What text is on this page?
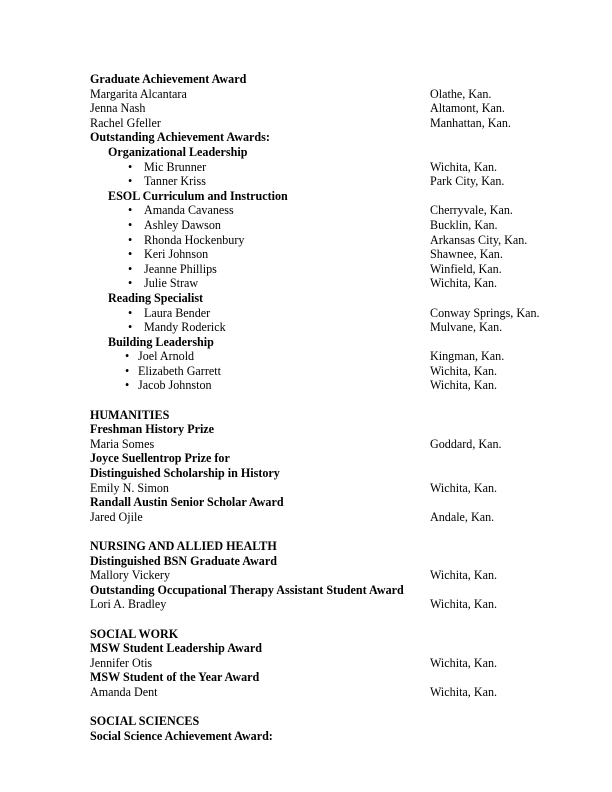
Graduate Achievement Award
Margarita Alcantara	Olathe, Kan.
Jenna Nash	Altamont, Kan.
Rachel Gfeller	Manhattan, Kan.
Outstanding Achievement Awards:
Organizational Leadership
• Mic Brunner	Wichita, Kan.
• Tanner Kriss	Park City, Kan.
ESOL Curriculum and Instruction
• Amanda Cavaness	Cherryvale, Kan.
• Ashley Dawson	Bucklin, Kan.
• Rhonda Hockenbury	Arkansas City, Kan.
• Keri Johnson	Shawnee, Kan.
• Jeanne Phillips	Winfield, Kan.
• Julie Straw	Wichita, Kan.
Reading Specialist
• Laura Bender	Conway Springs, Kan.
• Mandy Roderick	Mulvane, Kan.
Building Leadership
• Joel Arnold	Kingman, Kan.
• Elizabeth Garrett	Wichita, Kan.
• Jacob Johnston	Wichita, Kan.
HUMANITIES
Freshman History Prize
Maria Somes	Goddard, Kan.
Joyce Suellentrop Prize for
Distinguished Scholarship in History
Emily N. Simon	Wichita, Kan.
Randall Austin Senior Scholar Award
Jared Ojile	Andale, Kan.
NURSING AND ALLIED HEALTH
Distinguished BSN Graduate Award
Mallory Vickery	Wichita, Kan.
Outstanding Occupational Therapy Assistant Student Award
Lori A. Bradley	Wichita, Kan.
SOCIAL WORK
MSW Student Leadership Award
Jennifer Otis	Wichita, Kan.
MSW Student of the Year Award
Amanda Dent	Wichita, Kan.
SOCIAL SCIENCES
Social Science Achievement Award:
